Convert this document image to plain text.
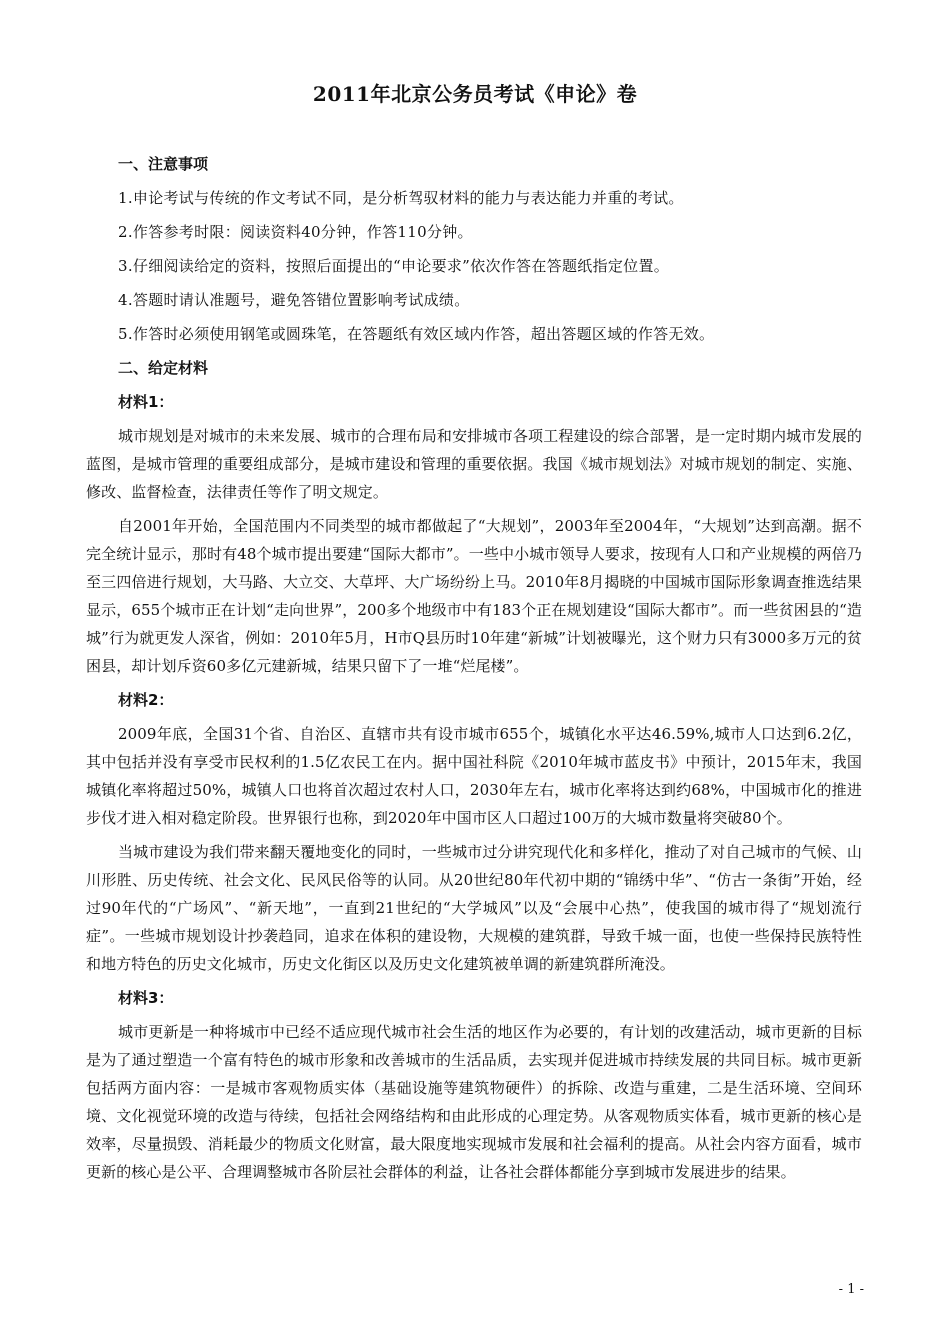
2011年北京公务员考试《申论》卷
一、注意事项
1.申论考试与传统的作文考试不同，是分析驾驭材料的能力与表达能力并重的考试。
2.作答参考时限：阅读资料40分钟，作答110分钟。
3.仔细阅读给定的资料，按照后面提出的“申论要求”依次作答在答题纸指定位置。
4.答题时请认准题号，避免答错位置影响考试成绩。
5.作答时必须使用钢笔或圆珠笔，在答题纸有效区域内作答，超出答题区域的作答无效。
二、给定材料
材料1：

城市规划是对城市的未来发展、城市的合理布局和安排城市各项工程建设的综合部署，是一定时期内城市发展的蓝图，是城市管理的重要组成部分，是城市建设和管理的重要依据。我国《城市规划法》对城市规划的制定、实施、修改、监督检查，法律责任等作了明文规定。

自2001年开始，全国范围内不同类型的城市都做起了“大规划”，2003年至2004年，“大规划”达到高潮。据不完全统计显示，那时有48个城市提出要建“国际大都市”。一些中小城市领导人要求，按现有人口和产业规模的两倍乃至三四倍进行规划，大马路、大立交、大草坪、大广场纷纷上马。2010年8月揭晓的中国城市国际形象调查推选结果显示，655个城市正在计划“走向世界”，200多个地级市中有183个正在规划建设“国际大都市”。而一些贫困县的“造城”行为就更发人深省，例如：2010年5月，H市Q县历时10年建“新城”计划被曝光，这个财力只有3000多万元的贫困县，却计划斥资60多亿元建新城，结果只留下了一堆“烂尾楼”。

材料2：

2009年底，全国31个省、自治区、直辖市共有设市城市655个，城镇化水平达46.59%,城市人口达到6.2亿，其中包括并没有享受市民权利的1.5亿农民工在内。据中国社科院《2010年城市蓝皮书》中预计，2015年末，我国城镇化率将超过50%，城镇人口也将首次超过农村人口，2030年左右，城市化率将达到约68%，中国城市化的推进步伐才进入相对稳定阶段。世界银行也称，到2020年中国市区人口超过100万的大城市数量将突破80个。

当城市建设为我们带来翻天覆地变化的同时，一些城市过分讲究现代化和多样化，推动了对自己城市的气候、山川形胜、历史传统、社会文化、民风民俗等的认同。从20世纪80年代初中期的“锦绣中华”、“仿古一条街”开始，经过90年代的“广场风”、“新天地”，一直到21世纪的“大学城风”以及“会展中心热”，使我国的城市得了“规划流行症”。一些城市规划设计抄袭趋同，追求在体积的建设物，大规模的建筑群，导致千城一面，也使一些保持民族特性和地方特色的历史文化城市，历史文化街区以及历史文化建筑被单调的新建筑群所淹没。

材料3：

城市更新是一种将城市中已经不适应现代城市社会生活的地区作为必要的，有计划的改建活动，城市更新的目标是为了通过塑造一个富有特色的城市形象和改善城市的生活品质，去实现并促进城市持续发展的共同目标。城市更新包括两方面内容：一是城市客观物质实体（基础设施等建筑物硬件）的拆除、改造与重建，二是生活环境、空间环境、文化视觉环境的改造与待续，包括社会网络结构和由此形成的心理定势。从客观物质实体看，城市更新的核心是效率，尽量损毁、消耗最少的物质文化财富，最大限度地实现城市发展和社会福利的提高。从社会内容方面看，城市更新的核心是公平、合理调整城市各阶层社会群体的利益，让各社会群体都能分享到城市发展进步的结果。

- 1 -
